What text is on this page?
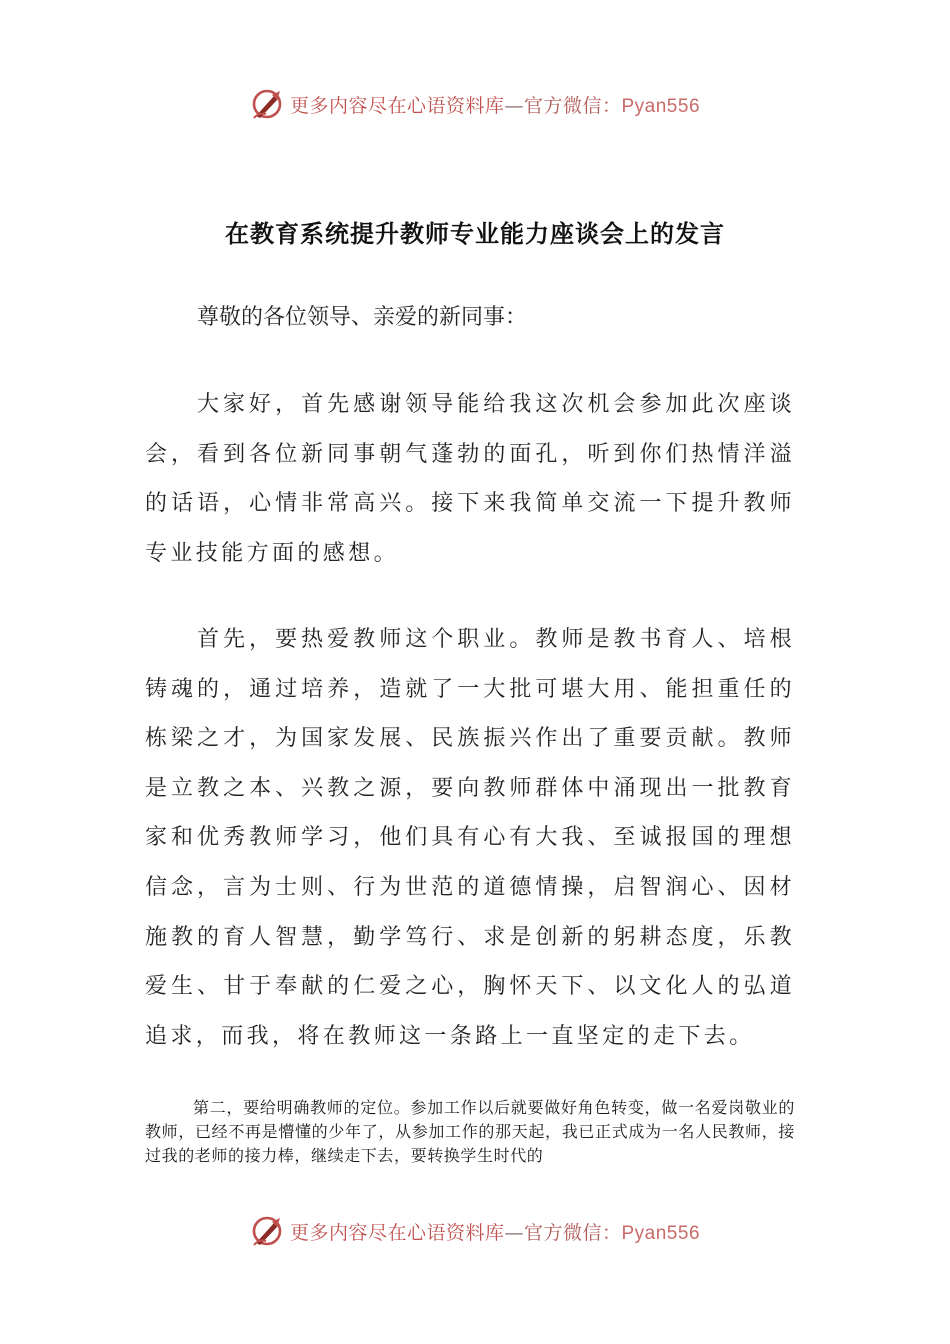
更多内容尽在心语资料库—官方微信：Pyan556
在教育系统提升教师专业能力座谈会上的发言
尊敬的各位领导、亲爱的新同事：

大家好，首先感谢领导能给我这次机会参加此次座谈会，看到各位新同事朝气蓬勃的面孔，听到你们热情洋溢的话语，心情非常高兴。接下来我简单交流一下提升教师专业技能方面的感想。

首先，要热爱教师这个职业。教师是教书育人、培根铸魂的，通过培养，造就了一大批可堪大用、能担重任的栋梁之才，为国家发展、民族振兴作出了重要贡献。教师是立教之本、兴教之源，要向教师群体中涌现出一批教育家和优秀教师学习，他们具有心有大我、至诚报国的理想信念，言为士则、行为世范的道德情操，启智润心、因材施教的育人智慧，勤学笃行、求是创新的躬耕态度，乐教爱生、甘于奉献的仁爱之心，胸怀天下、以文化人的弘道追求，而我，将在教师这一条路上一直坚定的走下去。

第二，要给明确教师的定位。参加工作以后就要做好角色转变，做一名爱岗敬业的教师，已经不再是懵懂的少年了，从参加工作的那天起，我已正式成为一名人民教师，接过我的老师的接力棒，继续走下去，要转换学生时代的

更多内容尽在心语资料库—官方微信：Pyan556
